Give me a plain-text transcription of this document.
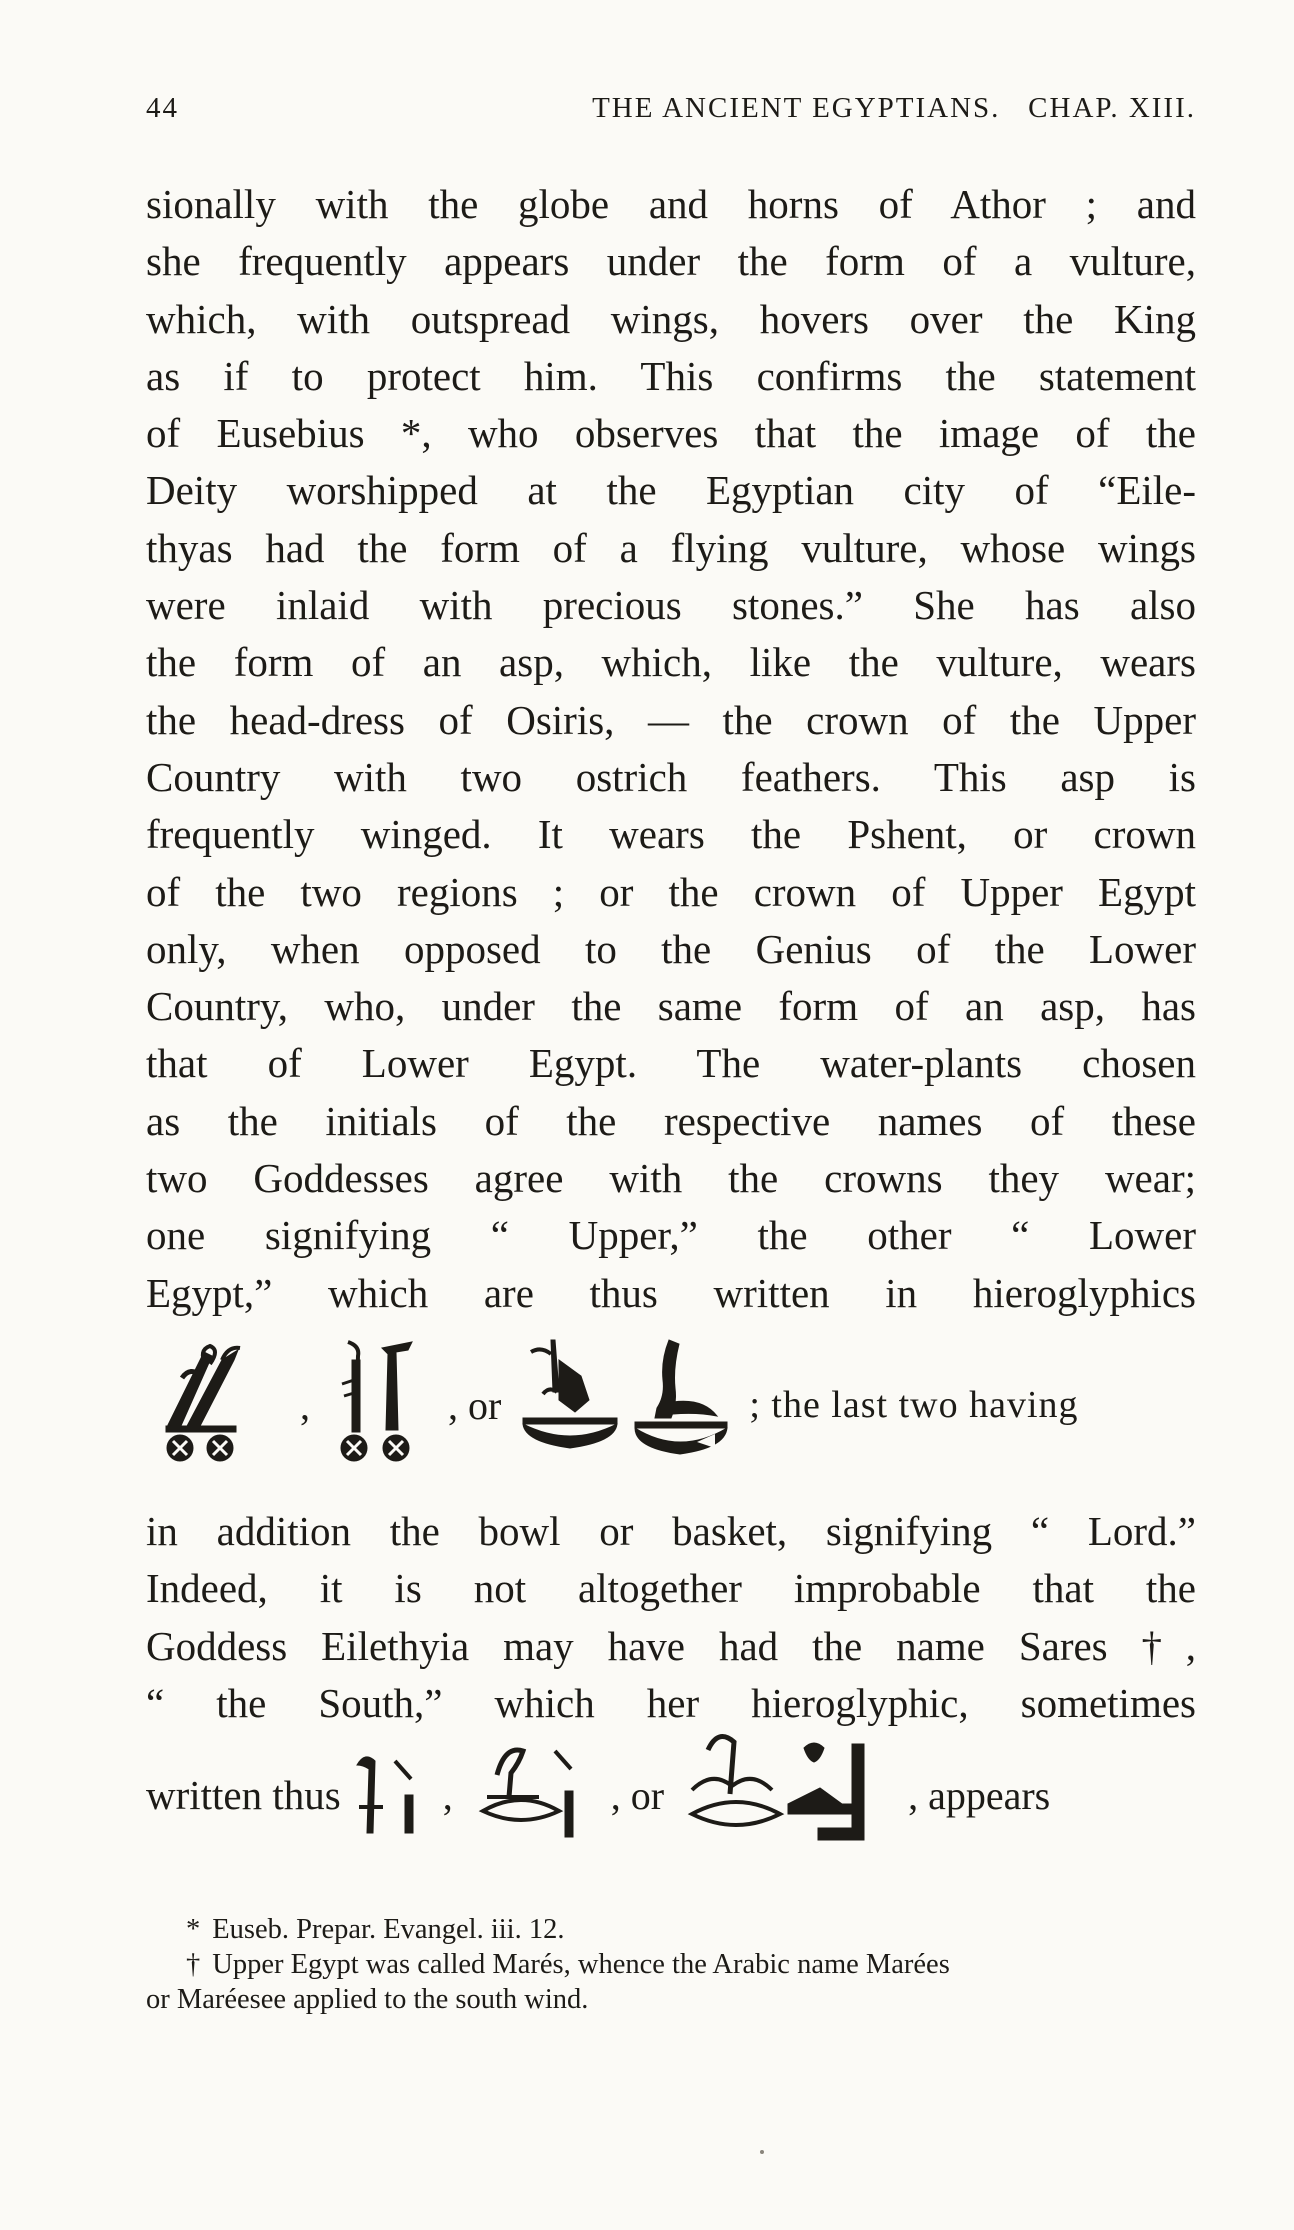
44	THE ANCIENT EGYPTIANS.   CHAP. XIII.
sionally with the globe and horns of Athor ; and
she frequently appears under the form of a vulture,
which, with outspread wings, hovers over the King
as if to protect him. This confirms the statement
of Eusebius *, who observes that the image of the
Deity worshipped at the Egyptian city of “Eile-
thyas had the form of a flying vulture, whose wings
were inlaid with precious stones.” She has also
the form of an asp, which, like the vulture, wears
the head-dress of Osiris, — the crown of the Upper
Country with two ostrich feathers. This asp is
frequently winged. It wears the Pshent, or crown
of the two regions ; or the crown of Upper Egypt
only, when opposed to the Genius of the Lower
Country, who, under the same form of an asp, has
that of Lower Egypt. The water-plants chosen
as the initials of the respective names of these
two Goddesses agree with the crowns they wear;
one signifying “ Upper,” the other “ Lower
Egypt,” which are thus written in hieroglyphics
,	, or	; the last two having
in addition the bowl or basket, signifying “ Lord.”
Indeed, it is not altogether improbable that the
Goddess Eilethyia may have had the name Sares †,
“ the South,” which her hieroglyphic, sometimes
written thus	,	, or	, appears
* Euseb. Prepar. Evangel. iii. 12.
† Upper Egypt was called Marés, whence the Arabic name Marées
or Maréesee applied to the south wind.
